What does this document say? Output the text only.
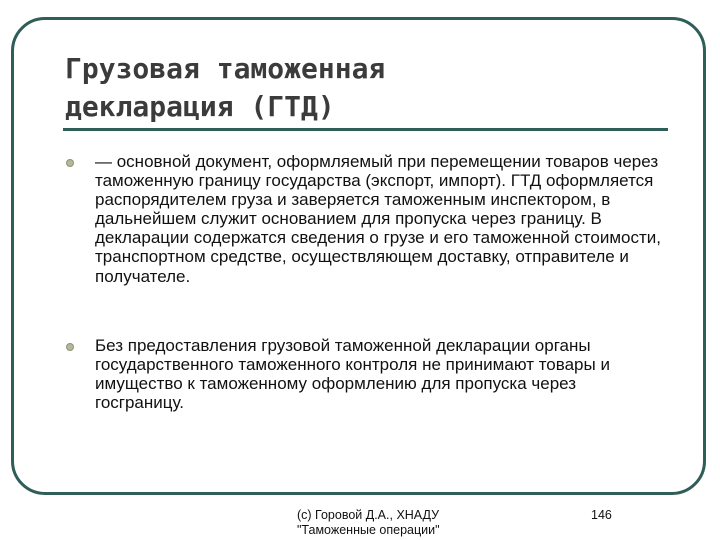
Грузовая таможенная
декларация (ГТД)

— основной документ, оформляемый при перемещении товаров через таможенную границу государства (экспорт, импорт). ГТД оформляется распорядителем груза и заверяется таможенным инспектором, в дальнейшем служит основанием для пропуска через границу. В декларации содержатся сведения о грузе и его таможенной стоимости, транспортном средстве, осуществляющем доставку, отправителе и получателе.

Без предоставления грузовой таможенной декларации органы государственного таможенного контроля не принимают товары и имущество к таможенному оформлению для пропуска через госграницу.

(с) Горовой Д.А., ХНАДУ
"Таможенные операции"

146
